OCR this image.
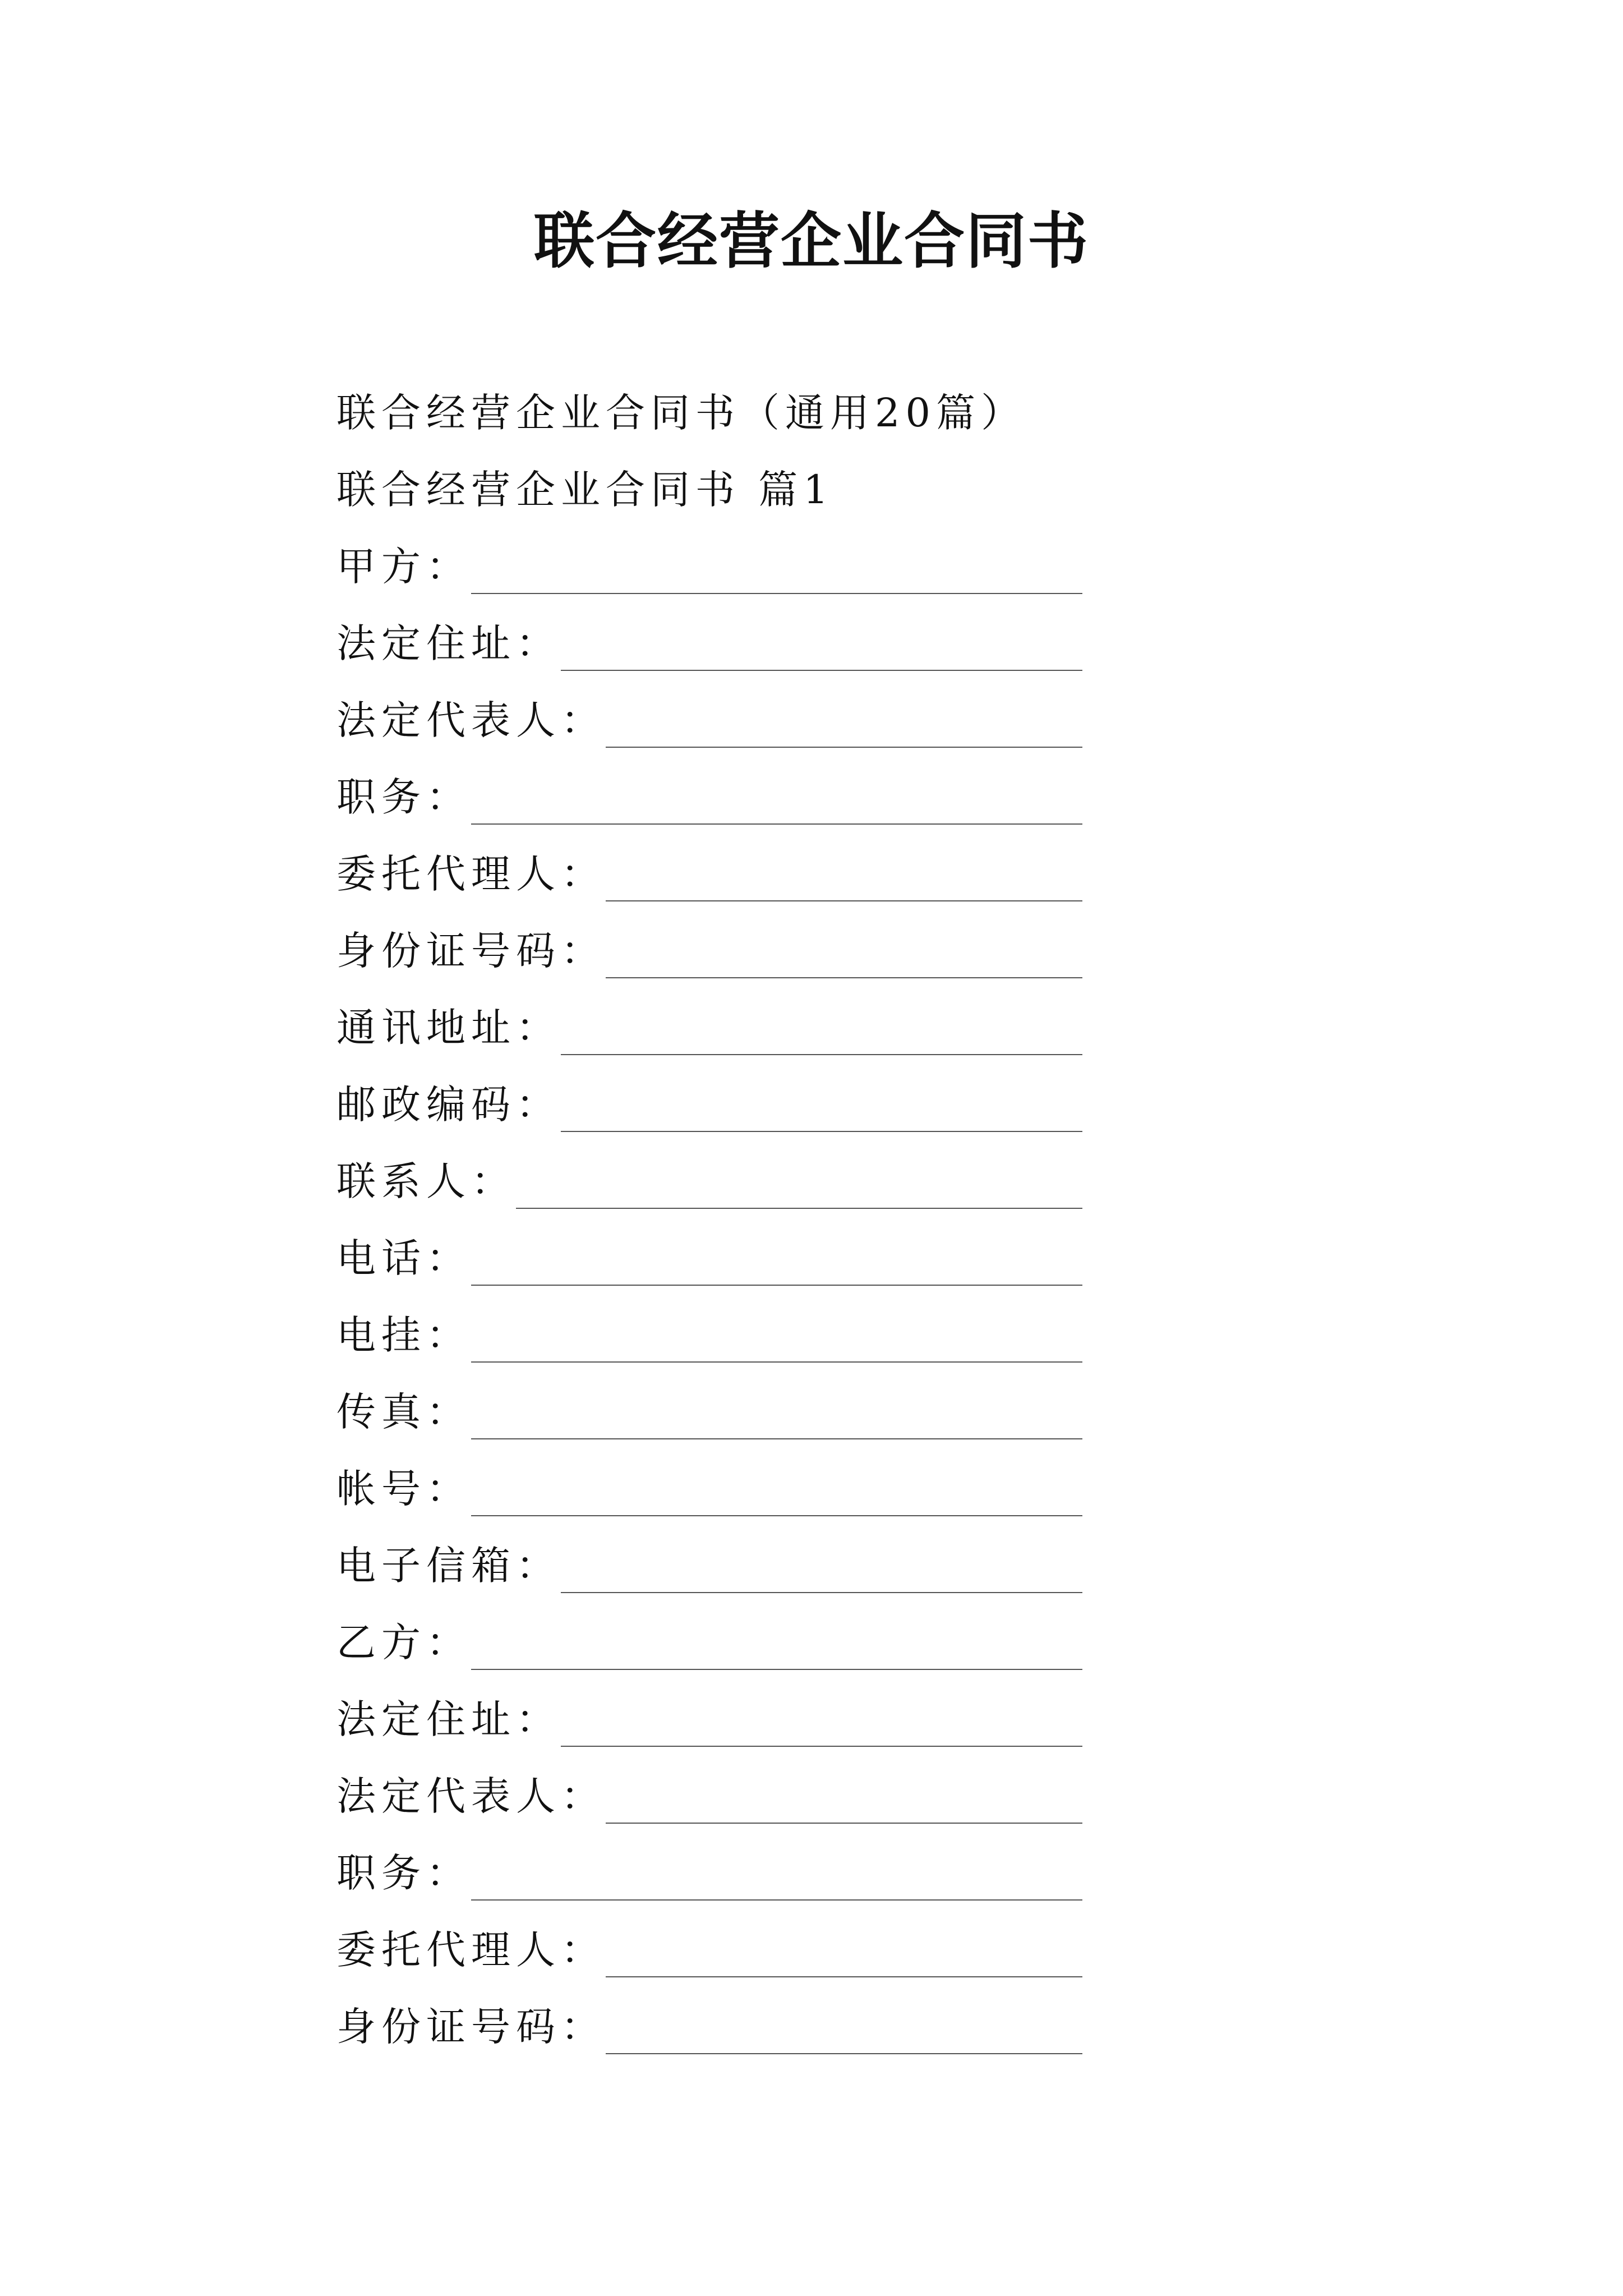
联合经营企业合同书
联合经营企业合同书（通用20篇）
联合经营企业合同书 篇1
甲方：
法定住址：
法定代表人：
职务：
委托代理人：
身份证号码：
通讯地址：
邮政编码：
联系人：
电话：
电挂：
传真：
帐号：
电子信箱：
乙方：
法定住址：
法定代表人：
职务：
委托代理人：
身份证号码：
